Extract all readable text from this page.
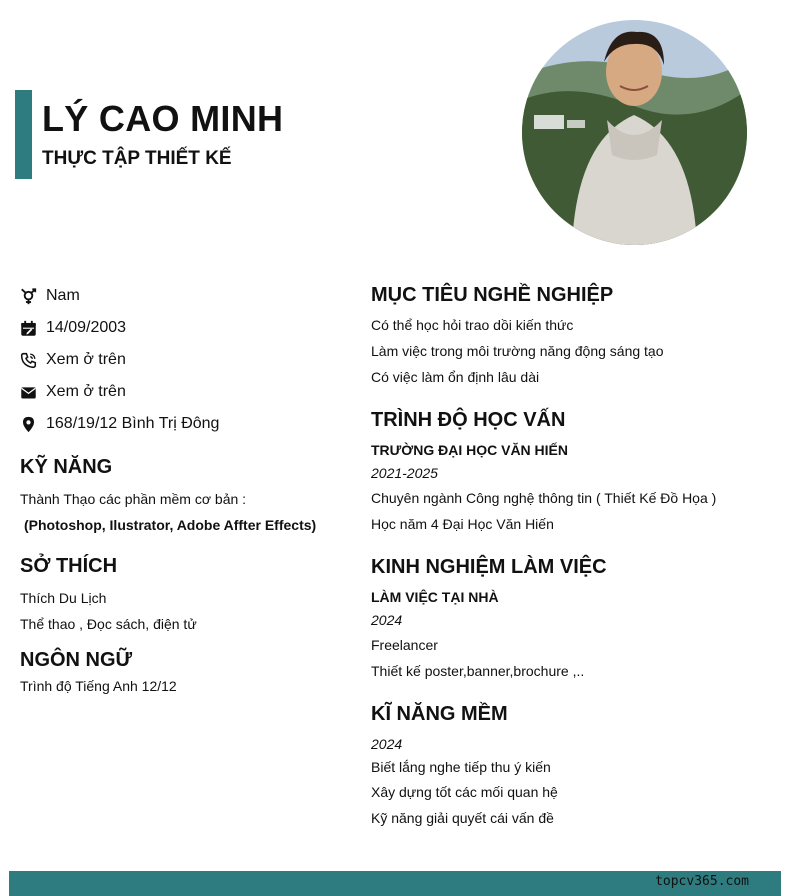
LÝ CAO MINH
THỰC TẬP THIẾT KẾ
Nam
14/09/2003
Xem ở trên
Xem ở trên
168/19/12 Bình Trị Đông
KỸ NĂNG

Thành Thạo các phần mềm cơ bản :

(Photoshop, Ilustrator, Adobe Affter Effects)

SỞ THÍCH

Thích Du Lịch

Thể thao , Đọc sách, điện tử

NGÔN NGỮ

Trình độ Tiếng Anh 12/12

MỤC TIÊU NGHỀ NGHIỆP

Có thể học hỏi trao dồi kiến thức

Làm việc trong môi trường năng động sáng tạo

Có việc làm ổn định lâu dài

TRÌNH ĐỘ HỌC VẤN

TRƯỜNG ĐẠI HỌC VĂN HIẾN

2021-2025

Chuyên ngành Công nghệ thông tin ( Thiết Kế Đồ Họa )

Học năm 4 Đại Học Văn Hiến

KINH NGHIỆM LÀM VIỆC

LÀM VIỆC TẠI NHÀ

2024

Freelancer

Thiết kế poster,banner,brochure ,..

KĨ NĂNG MỀM

2024

Biết lắng nghe tiếp thu ý kiến

Xây dựng tốt các mối quan hệ

Kỹ năng giải quyết cái vấn đề

topcv365.com
